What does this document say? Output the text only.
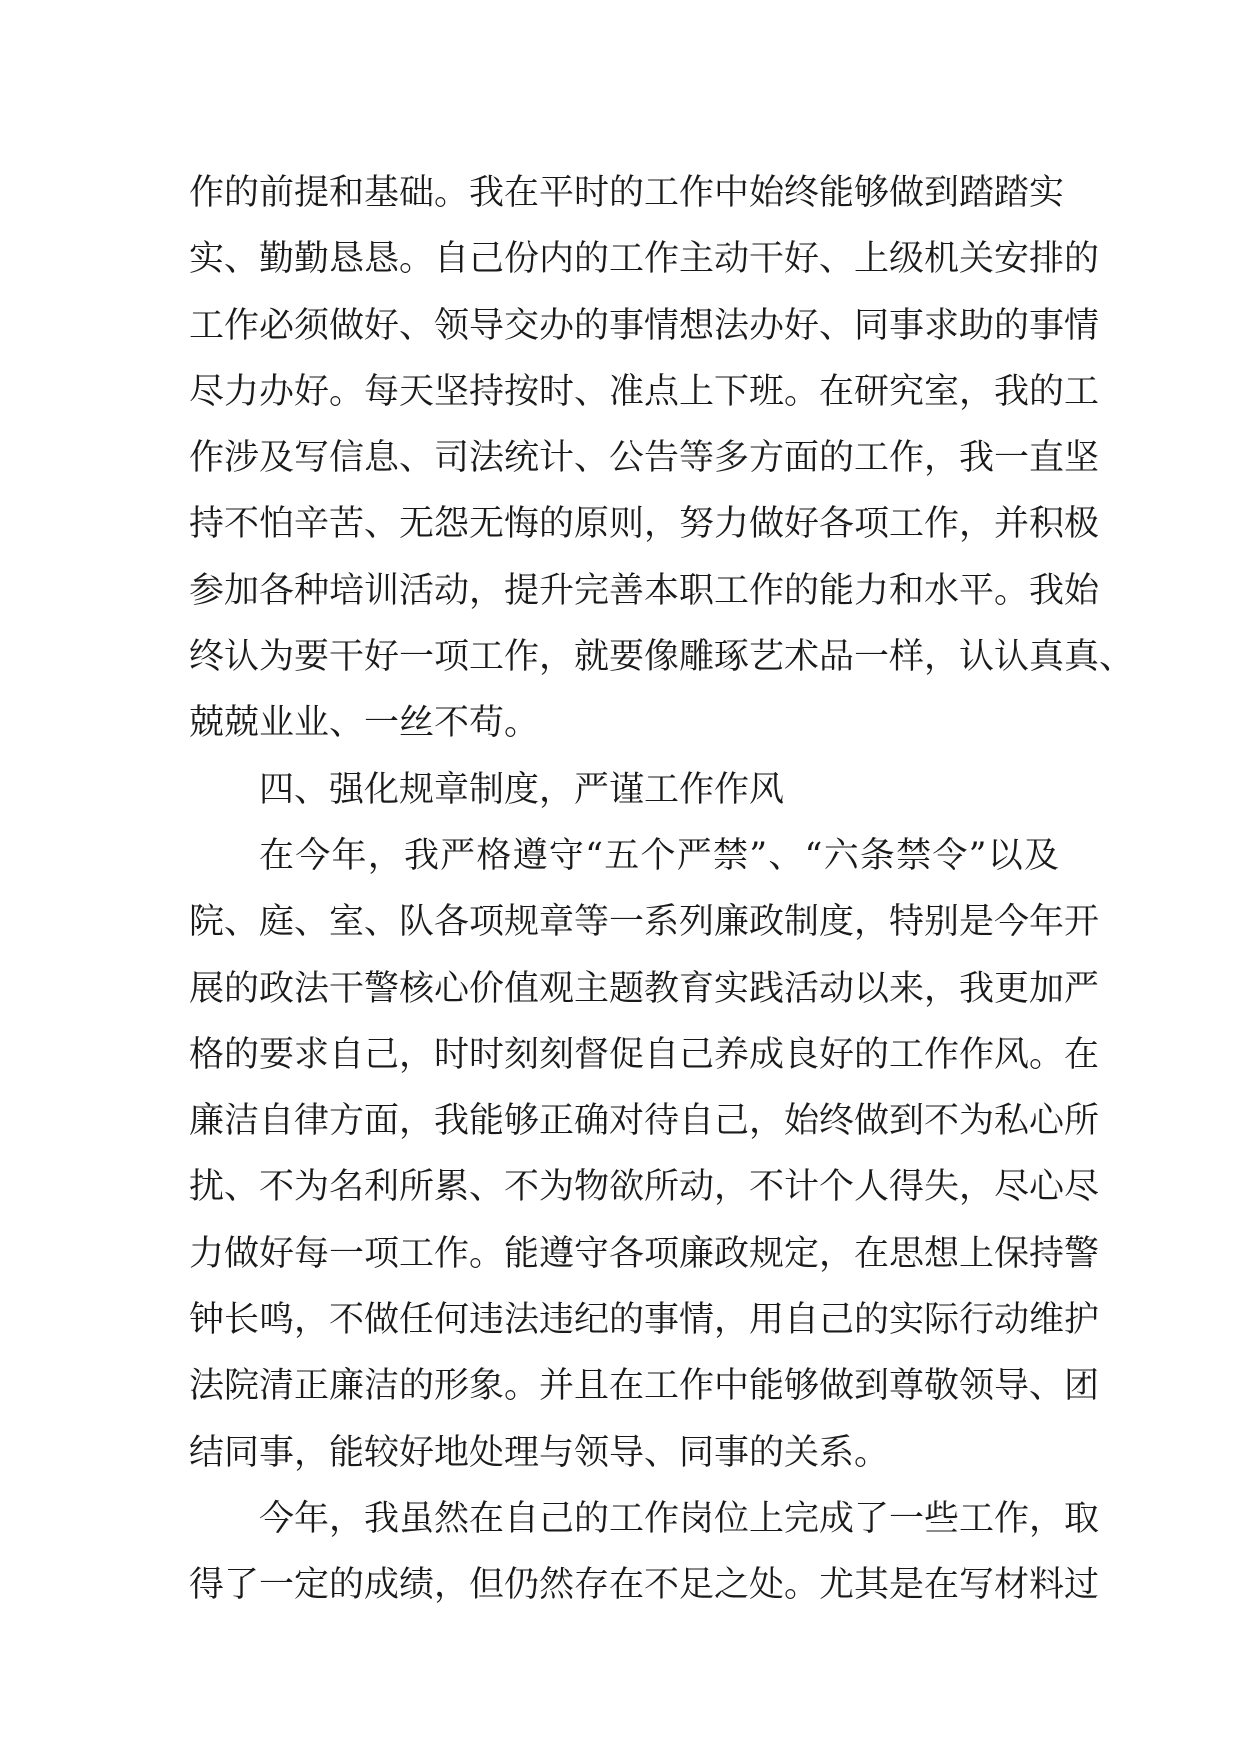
作的前提和基础。我在平时的工作中始终能够做到踏踏实
实、勤勤恳恳。自己份内的工作主动干好、上级机关安排的
工作必须做好、领导交办的事情想法办好、同事求助的事情
尽力办好。每天坚持按时、准点上下班。在研究室，我的工
作涉及写信息、司法统计、公告等多方面的工作，我一直坚
持不怕辛苦、无怨无悔的原则，努力做好各项工作，并积极
参加各种培训活动，提升完善本职工作的能力和水平。我始
终认为要干好一项工作，就要像雕琢艺术品一样，认认真真、
兢兢业业、一丝不苟。
四、强化规章制度，严谨工作作风
在今年，我严格遵守“五个严禁”、“六条禁令”以及
院、庭、室、队各项规章等一系列廉政制度，特别是今年开
展的政法干警核心价值观主题教育实践活动以来，我更加严
格的要求自己，时时刻刻督促自己养成良好的工作作风。在
廉洁自律方面，我能够正确对待自己，始终做到不为私心所
扰、不为名利所累、不为物欲所动，不计个人得失，尽心尽
力做好每一项工作。能遵守各项廉政规定，在思想上保持警
钟长鸣，不做任何违法违纪的事情，用自己的实际行动维护
法院清正廉洁的形象。并且在工作中能够做到尊敬领导、团
结同事，能较好地处理与领导、同事的关系。
今年，我虽然在自己的工作岗位上完成了一些工作，取
得了一定的成绩，但仍然存在不足之处。尤其是在写材料过
